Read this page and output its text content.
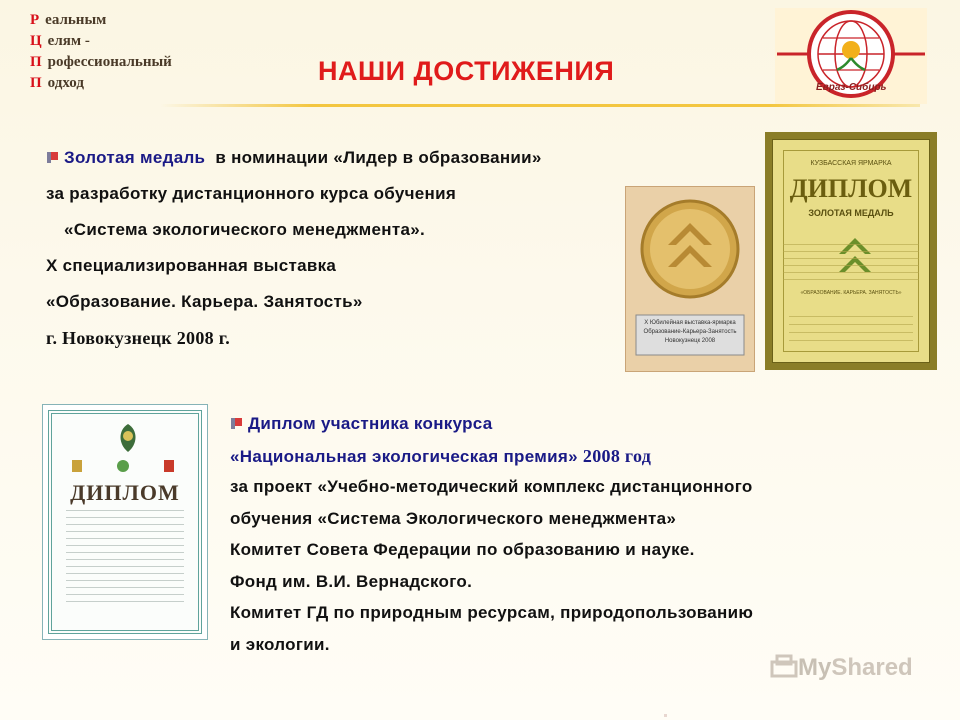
Р еальным
Ц елям -
П рофессиональный
П одход	НАШИ ДОСТИЖЕНИЯ
Евраз-Сибирь
Золотая медаль в номинации «Лидер в образовании»
за разработку дистанционного курса обучения
«Система экологического менеджмента».
Х специализированная выставка
«Образование. Карьера. Занятость»
г. Новокузнецк 2008 г.
Х Юбилейная выставка-ярмарка
Образование-Карьера-Занятость
Новокузнецк 2008
КУЗБАССКАЯ ЯРМАРКА
ДИПЛОМ
ЗОЛОТАЯ МЕДАЛЬ
«ОБРАЗОВАНИЕ. КАРЬЕРА. ЗАНЯТОСТЬ»
ДИПЛОМ
Диплом участника конкурса
«Национальная экологическая премия» 2008 год
за проект «Учебно-методический комплекс дистанционного
обучения «Система Экологического менеджмента»
Комитет Совета Федерации по образованию и науке.
Фонд им. В.И. Вернадского.
Комитет ГД по природным ресурсам, природопользованию
и экологии.
MyShared
